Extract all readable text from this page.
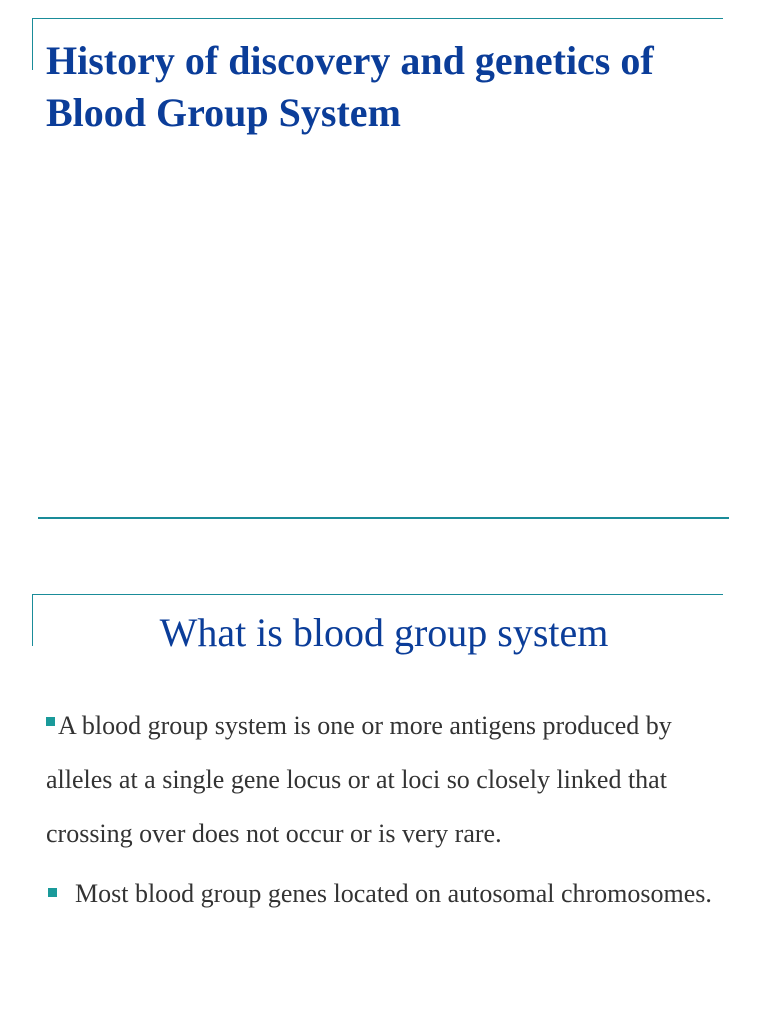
History of discovery and genetics of Blood Group System
What is blood group system
A blood group system is one or more antigens produced by alleles at a single gene locus or at loci so closely linked that crossing over does not occur or is very rare.
Most blood group genes located on autosomal chromosomes.
